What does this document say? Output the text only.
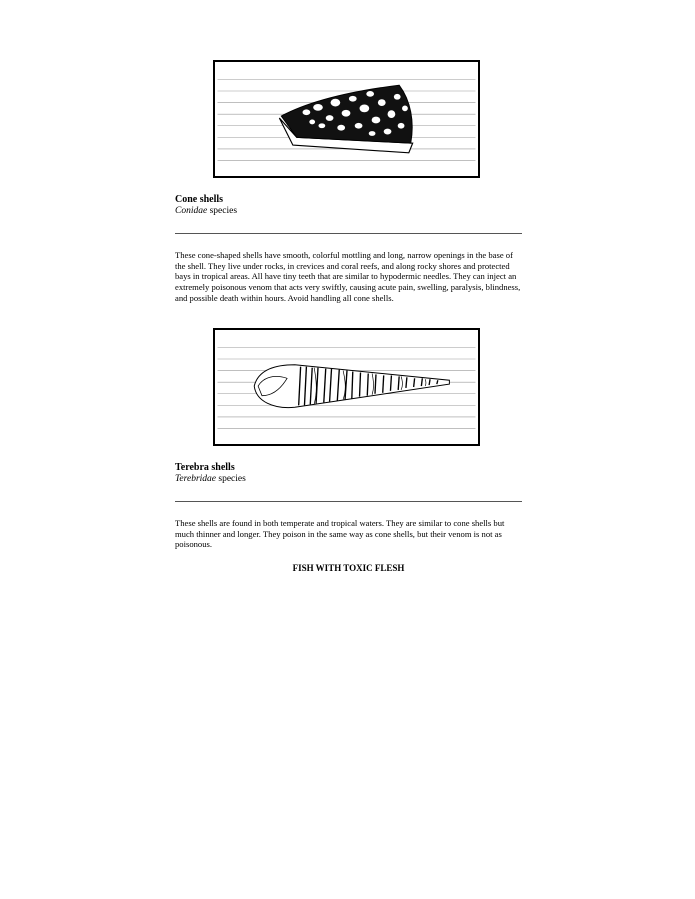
Cone shells
Conidae species
These cone-shaped shells have smooth, colorful mottling and long, narrow openings in the base of the shell. They live under rocks, in crevices and coral reefs, and along rocky shores and protected bays in tropical areas. All have tiny teeth that are similar to hypodermic needles. They can inject an extremely poisonous venom that acts very swiftly, causing acute pain, swelling, paralysis, blindness, and possible death within hours. Avoid handling all cone shells.
Terebra shells
Terebridae species
These shells are found in both temperate and tropical waters. They are similar to cone shells but much thinner and longer. They poison in the same way as cone shells, but their venom is not as poisonous.
FISH WITH TOXIC FLESH
